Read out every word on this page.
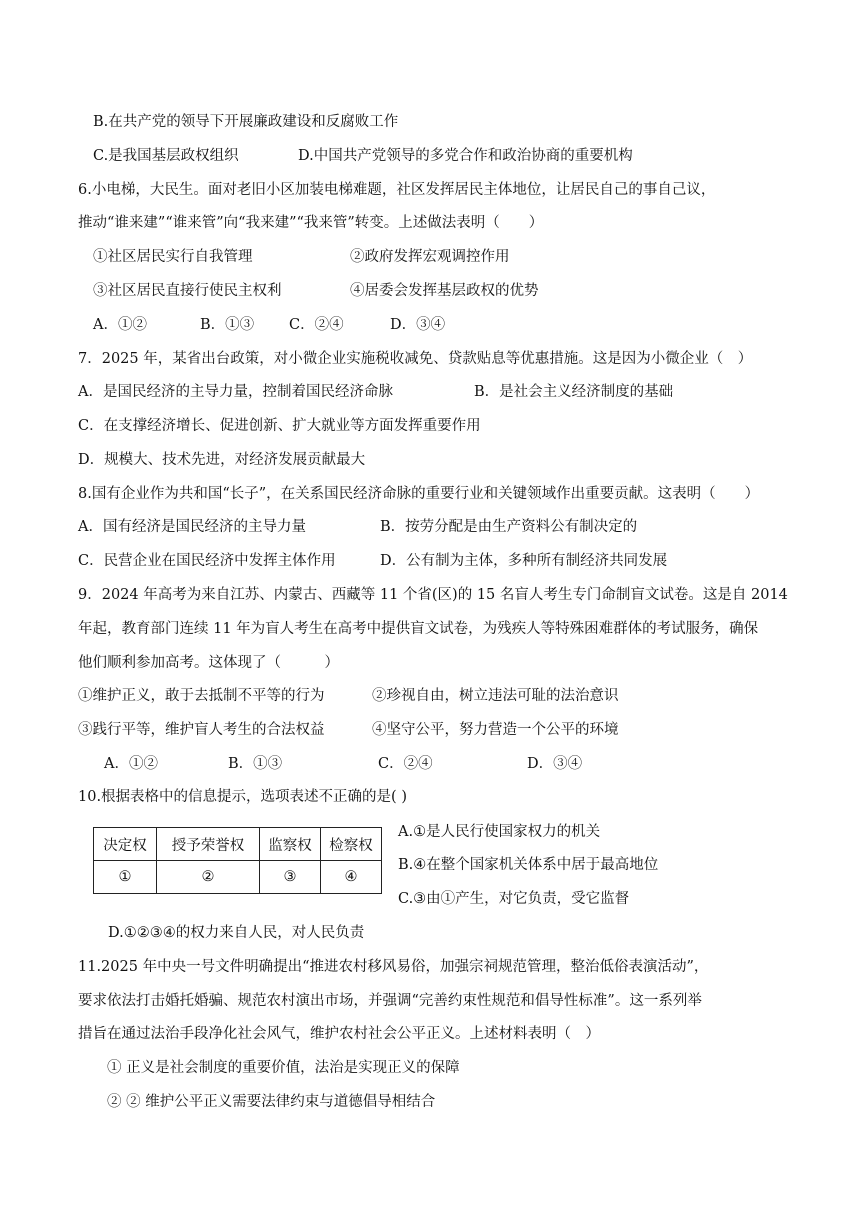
B.在共产党的领导下开展廉政建设和反腐败工作
C.是我国基层政权组织	D.中国共产党领导的多党合作和政治协商的重要机构
6.小电梯，大民生。面对老旧小区加装电梯难题，社区发挥居民主体地位，让居民自己的事自己议，
推动“谁来建”“谁来管”向“我来建”“我来管”转变。上述做法表明（　　）
①社区居民实行自我管理	②政府发挥宏观调控作用
③社区居民直接行使民主权利	④居委会发挥基层政权的优势
A．①②	B．①③ C．②④	D．③④
7．2025 年，某省出台政策，对小微企业实施税收减免、贷款贴息等优惠措施。这是因为小微企业（　）
A．是国民经济的主导力量，控制着国民经济命脉	B．是社会主义经济制度的基础
C．在支撑经济增长、促进创新、扩大就业等方面发挥重要作用
D．规模大、技术先进，对经济发展贡献最大
8.国有企业作为共和国“长子”，在关系国民经济命脉的重要行业和关键领域作出重要贡献。这表明（　　）
A．国有经济是国民经济的主导力量	B．按劳分配是由生产资料公有制决定的
C．民营企业在国民经济中发挥主体作用	D．公有制为主体，多种所有制经济共同发展
9．2024 年高考为来自江苏、内蒙古、西藏等 11 个省(区)的 15 名盲人考生专门命制盲文试卷。这是自 2014
年起，教育部门连续 11 年为盲人考生在高考中提供盲文试卷，为残疾人等特殊困难群体的考试服务，确保
他们顺利参加高考。这体现了（　　　）
①维护正义，敢于去抵制不平等的行为	②珍视自由，树立违法可耻的法治意识
③践行平等，维护盲人考生的合法权益	④坚守公平，努力营造一个公平的环境
A．①②	B．①③	C．②④	D．③④
10.根据表格中的信息提示，选项表述不正确的是( )
决定权	授予荣誉权	监察权	检察权
①	②	③	④
A.①是人民行使国家权力的机关
B.④在整个国家机关体系中居于最高地位
C.③由①产生，对它负责，受它监督
D.①②③④的权力来自人民，对人民负责
11.2025 年中央一号文件明确提出“推进农村移风易俗，加强宗祠规范管理，整治低俗表演活动”，
要求依法打击婚托婚骗、规范农村演出市场，并强调“完善约束性规范和倡导性标准”。这一系列举
措旨在通过法治手段净化社会风气，维护农村社会公平正义。上述材料表明（　）
① 正义是社会制度的重要价值，法治是实现正义的保障
② ② 维护公平正义需要法律约束与道德倡导相结合
